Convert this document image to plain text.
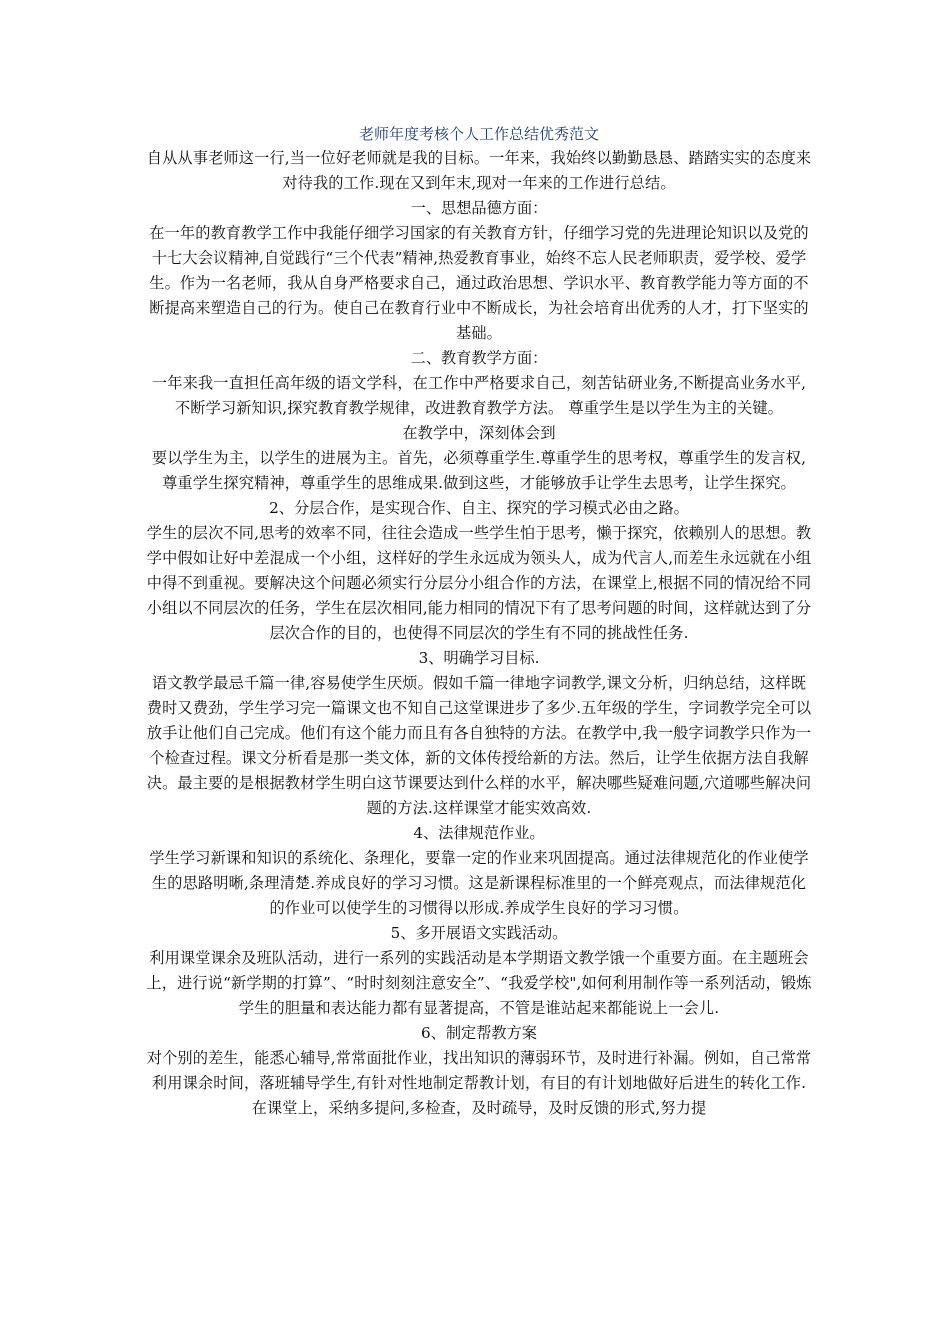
老师年度考核个人工作总结优秀范文

自从从事老师这一行,当一位好老师就是我的目标。一年来，我始终以勤勤恳恳、踏踏实实的态度来对待我的工作.现在又到年末,现对一年来的工作进行总结。

一、思想品德方面：

在一年的教育教学工作中我能仔细学习国家的有关教育方针，仔细学习党的先进理论知识以及党的十七大会议精神,自觉践行“三个代表”精神,热爱教育事业，始终不忘人民老师职责，爱学校、爱学生。作为一名老师，我从自身严格要求自己，通过政治思想、学识水平、教育教学能力等方面的不断提高来塑造自己的行为。使自己在教育行业中不断成长，为社会培育出优秀的人才，打下坚实的基础。

二、教育教学方面：

一年来我一直担任高年级的语文学科，在工作中严格要求自己，刻苦钻研业务,不断提高业务水平,不断学习新知识,探究教育教学规律，改进教育教学方法。 尊重学生是以学生为主的关键。

在教学中，深刻体会到

要以学生为主，以学生的进展为主。首先，必须尊重学生.尊重学生的思考权，尊重学生的发言权,尊重学生探究精神，尊重学生的思维成果.做到这些，才能够放手让学生去思考，让学生探究。

2、分层合作，是实现合作、自主、探究的学习模式必由之路。

学生的层次不同,思考的效率不同，往往会造成一些学生怕于思考，懒于探究，依赖别人的思想。教学中假如让好中差混成一个小组，这样好的学生永远成为领头人，成为代言人,而差生永远就在小组中得不到重视。要解决这个问题必须实行分层分小组合作的方法，在课堂上,根据不同的情况给不同小组以不同层次的任务，学生在层次相同,能力相同的情况下有了思考问题的时间，这样就达到了分层次合作的目的，也使得不同层次的学生有不同的挑战性任务.

3、明确学习目标.

语文教学最忌千篇一律,容易使学生厌烦。假如千篇一律地字词教学,课文分析，归纳总结，这样既费时又费劲，学生学习完一篇课文也不知自己这堂课进步了多少.五年级的学生，字词教学完全可以放手让他们自己完成。他们有这个能力而且有各自独特的方法。在教学中,我一般字词教学只作为一个检查过程。课文分析看是那一类文体，新的文体传授给新的方法。然后，让学生依据方法自我解决。最主要的是根据教材学生明白这节课要达到什么样的水平，解决哪些疑难问题,穴道哪些解决问题的方法.这样课堂才能实效高效.

4、法律规范作业。

学生学习新课和知识的系统化、条理化，要靠一定的作业来巩固提高。通过法律规范化的作业使学生的思路明晰,条理清楚.养成良好的学习习惯。这是新课程标准里的一个鲜亮观点，而法律规范化的作业可以使学生的习惯得以形成.养成学生良好的学习习惯。

5、多开展语文实践活动。

利用课堂课余及班队活动，进行一系列的实践活动是本学期语文教学饿一个重要方面。在主题班会上，进行说“新学期的打算”、“时时刻刻注意安全”、“我爱学校",如何利用制作等一系列活动，锻炼学生的胆量和表达能力都有显著提高，不管是谁站起来都能说上一会儿.

6、制定帮教方案

对个别的差生，能悉心辅导,常常面批作业，找出知识的薄弱环节，及时进行补漏。例如，自己常常利用课余时间，落班辅导学生,有针对性地制定帮教计划，有目的有计划地做好后进生的转化工作.在课堂上，采纳多提问,多检查，及时疏导，及时反馈的形式,努力提
